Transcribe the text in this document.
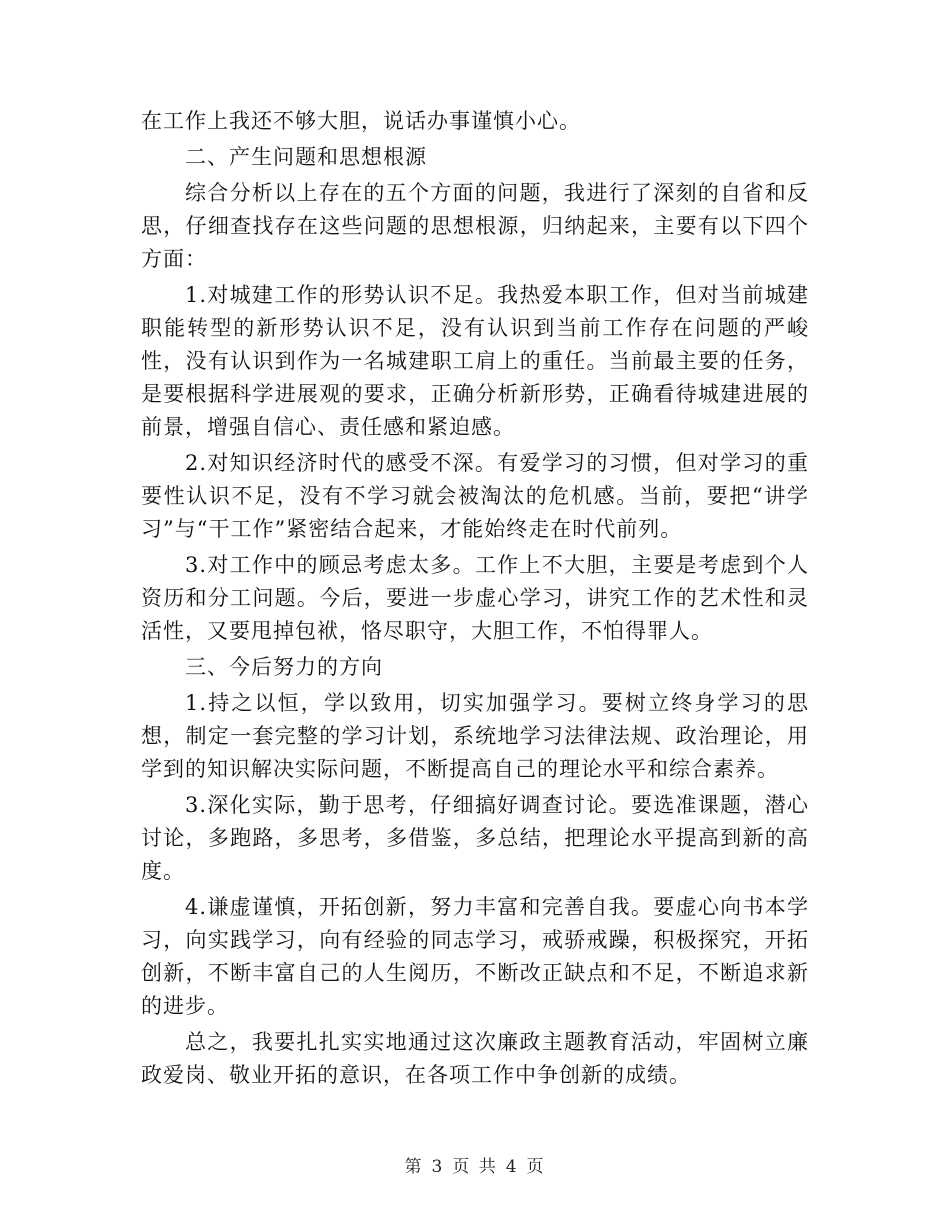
在工作上我还不够大胆，说话办事谨慎小心。

二、产生问题和思想根源

综合分析以上存在的五个方面的问题，我进行了深刻的自省和反思，仔细查找存在这些问题的思想根源，归纳起来，主要有以下四个方面：

1.对城建工作的形势认识不足。我热爱本职工作，但对当前城建职能转型的新形势认识不足，没有认识到当前工作存在问题的严峻性，没有认识到作为一名城建职工肩上的重任。当前最主要的任务，是要根据科学进展观的要求，正确分析新形势，正确看待城建进展的前景，增强自信心、责任感和紧迫感。

2.对知识经济时代的感受不深。有爱学习的习惯，但对学习的重要性认识不足，没有不学习就会被淘汰的危机感。当前，要把“讲学习”与“干工作”紧密结合起来，才能始终走在时代前列。

3.对工作中的顾忌考虑太多。工作上不大胆，主要是考虑到个人资历和分工问题。今后，要进一步虚心学习，讲究工作的艺术性和灵活性，又要甩掉包袱，恪尽职守，大胆工作，不怕得罪人。

三、今后努力的方向

1.持之以恒，学以致用，切实加强学习。要树立终身学习的思想，制定一套完整的学习计划，系统地学习法律法规、政治理论，用学到的知识解决实际问题，不断提高自己的理论水平和综合素养。

3.深化实际，勤于思考，仔细搞好调查讨论。要选准课题，潜心讨论，多跑路，多思考，多借鉴，多总结，把理论水平提高到新的高度。

4.谦虚谨慎，开拓创新，努力丰富和完善自我。要虚心向书本学习，向实践学习，向有经验的同志学习，戒骄戒躁，积极探究，开拓创新，不断丰富自己的人生阅历，不断改正缺点和不足，不断追求新的进步。

总之，我要扎扎实实地通过这次廉政主题教育活动，牢固树立廉政爱岗、敬业开拓的意识，在各项工作中争创新的成绩。

第 3 页 共 4 页
